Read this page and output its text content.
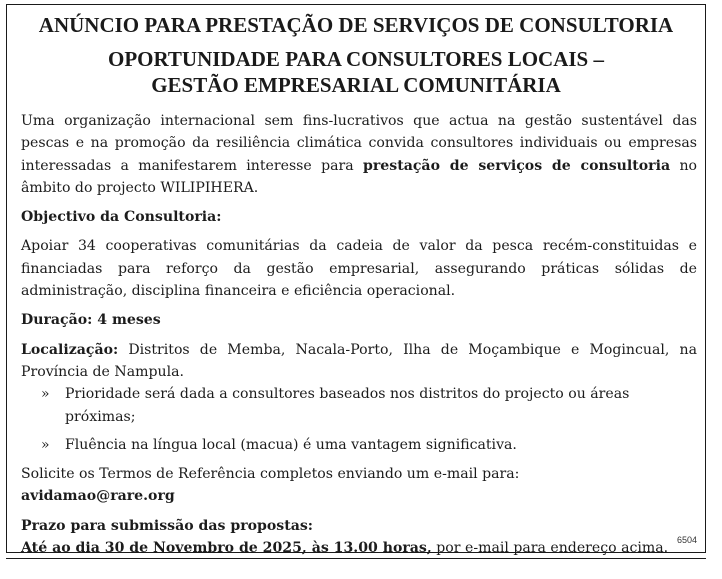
ANÚNCIO PARA PRESTAÇÃO DE SERVIÇOS DE CONSULTORIA
OPORTUNIDADE PARA CONSULTORES LOCAIS –
GESTÃO EMPRESARIAL COMUNITÁRIA

Uma organização internacional sem fins-lucrativos que actua na gestão sustentável das pescas e na promoção da resiliência climática convida consultores individuais ou empresas interessadas a manifestarem interesse para prestação de serviços de consultoria no âmbito do projecto WILIPIHERA.

Objectivo da Consultoria:

Apoiar 34 cooperativas comunitárias da cadeia de valor da pesca recém-constituidas e financiadas para reforço da gestão empresarial, assegurando práticas sólidas de administração, disciplina financeira e eficiência operacional.

Duração: 4 meses

Localização: Distritos de Memba, Nacala-Porto, Ilha de Moçambique e Mogincual, na Província de Nampula.

»	Prioridade será dada a consultores baseados nos distritos do projecto ou áreas próximas;
»	Fluência na língua local (macua) é uma vantagem significativa.

Solicite os Termos de Referência completos enviando um e-mail para:

avidamao@rare.org

Prazo para submissão das propostas:

Até ao dia 30 de Novembro de 2025, às 13.00 horas, por e-mail para endereço acima.

6504
